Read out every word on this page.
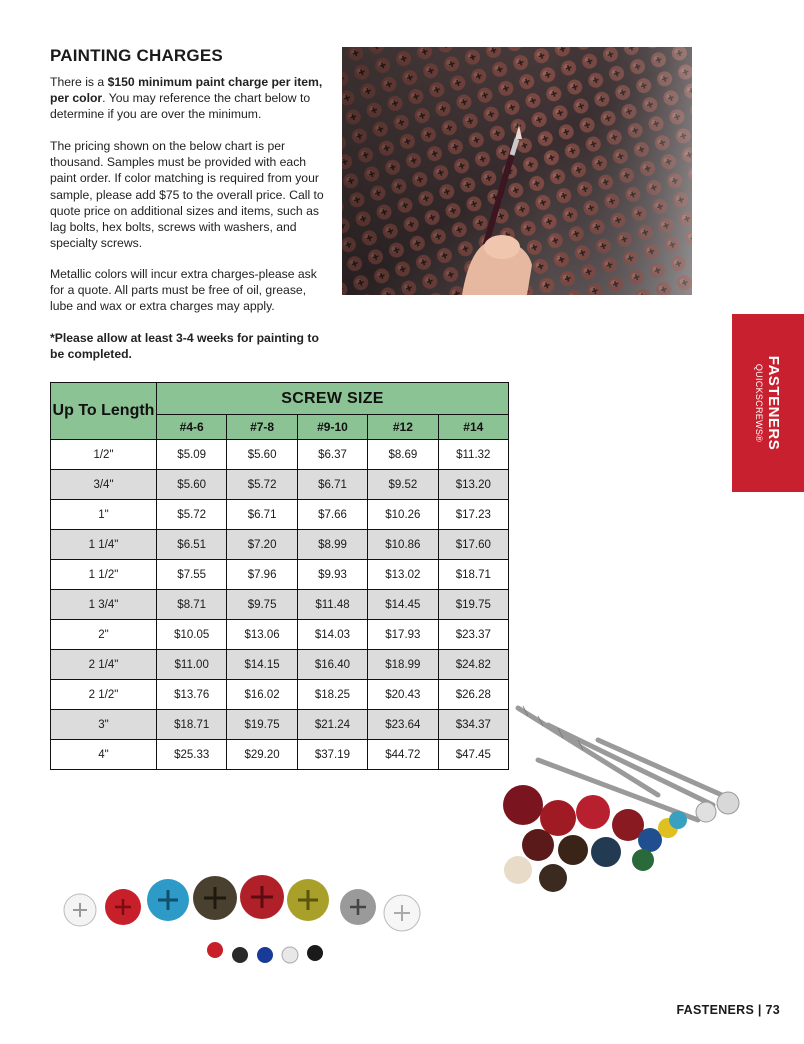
PAINTING CHARGES

There is a $150 minimum paint charge per item, per color. You may reference the chart below to determine if you are over the minimum.

The pricing shown on the below chart is per thousand. Samples must be provided with each paint order. If color matching is required from your sample, please add $75 to the overall price. Call to quote price on additional sizes and items, such as lag bolts, hex bolts, screws with washers, and specialty screws.

Metallic colors will incur extra charges-please ask for a quote. All parts must be free of oil, grease, lube and wax or extra charges may apply.

*Please allow at least 3-4 weeks for painting to be completed.

FASTENERS
QUICKSCREWS®
Up To Length	SCREW SIZE				
	#4-6	#7-8	#9-10	#12	#14
1/2"	$5.09	$5.60	$6.37	$8.69	$11.32
3/4"	$5.60	$5.72	$6.71	$9.52	$13.20
1"	$5.72	$6.71	$7.66	$10.26	$17.23
1 1/4"	$6.51	$7.20	$8.99	$10.86	$17.60
1 1/2"	$7.55	$7.96	$9.93	$13.02	$18.71
1 3/4"	$8.71	$9.75	$11.48	$14.45	$19.75
2"	$10.05	$13.06	$14.03	$17.93	$23.37
2 1/4"	$11.00	$14.15	$16.40	$18.99	$24.82
2 1/2"	$13.76	$16.02	$18.25	$20.43	$26.28
3"	$18.71	$19.75	$21.24	$23.64	$34.37
4"	$25.33	$29.20	$37.19	$44.72	$47.45
FASTENERS | 73
